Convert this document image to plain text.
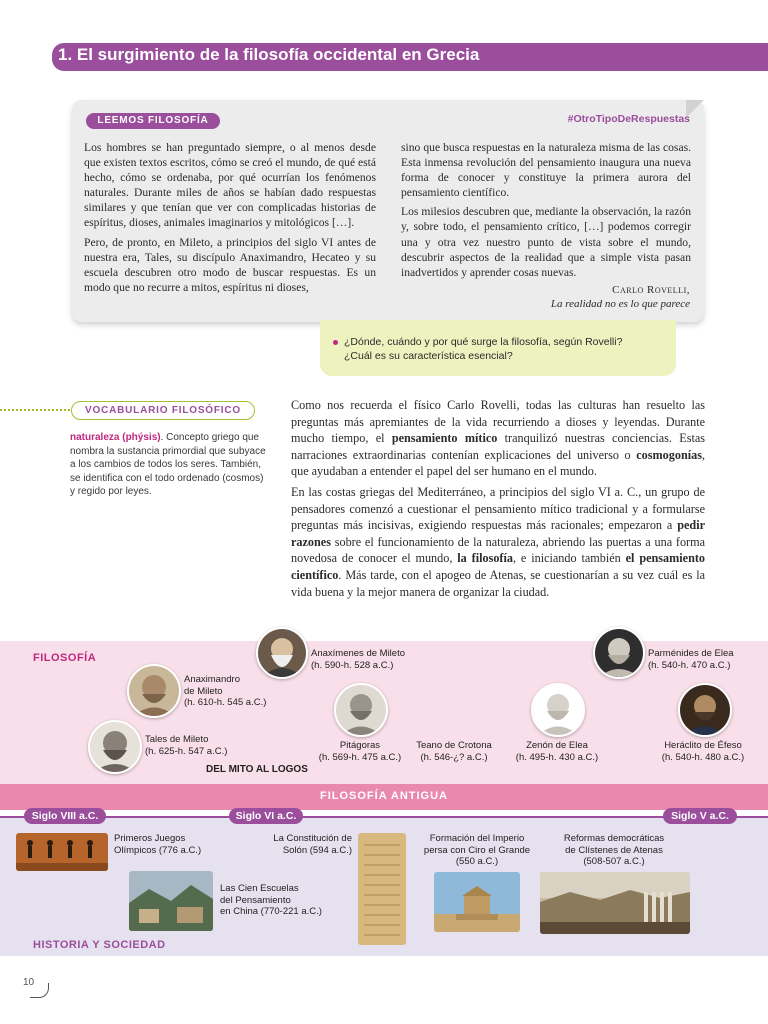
1. El surgimiento de la filosofía occidental en Grecia
LEEMOS FILOSOFÍA	#OtroTipoDeRespuestas

Los hombres se han preguntado siempre, o al menos desde que existen textos escritos, cómo se creó el mundo, de qué está hecho, cómo se ordenaba, por qué ocurrían los fenómenos naturales. Durante miles de años se habían dado respuestas similares y que tenían que ver con complicadas historias de espíritus, dioses, animales imaginarios y mitológicos […].

Pero, de pronto, en Mileto, a principios del siglo VI antes de nuestra era, Tales, su discípulo Anaximandro, Hecateo y su escuela descubren otro modo de buscar respuestas. Es un modo que no recurre a mitos, espíritus ni dioses,

sino que busca respuestas en la naturaleza misma de las cosas. Esta inmensa revolución del pensamiento inaugura una nueva forma de conocer y constituye la primera aurora del pensamiento científico.

Los milesios descubren que, mediante la observación, la razón y, sobre todo, el pensamiento crítico, […] podemos corregir una y otra vez nuestro punto de vista sobre el mundo, descubrir aspectos de la realidad que a simple vista pasan inadvertidos y aprender cosas nuevas.

Carlo Rovelli,
La realidad no es lo que parece
¿Dónde, cuándo y por qué surge la filosofía, según Rovelli?
¿Cuál es su característica esencial?
VOCABULARIO FILOSÓFICO
naturaleza (phýsis). Concepto griego que nombra la sustancia primordial que subyace a los cambios de todos los seres. También, se identifica con el todo ordenado (cosmos) y regido por leyes.

Como nos recuerda el físico Carlo Rovelli, todas las culturas han resuelto las preguntas más apremiantes de la vida recurriendo a dioses y leyendas. Durante mucho tiempo, el pensamiento mítico tranquilizó nuestras conciencias. Estas narraciones extraordinarias contenían explicaciones del universo o cosmogonías, que ayudaban a entender el papel del ser humano en el mundo.

En las costas griegas del Mediterráneo, a principios del siglo VI a. C., un grupo de pensadores comenzó a cuestionar el pensamiento mítico tradicional y a formularse preguntas más incisivas, exigiendo respuestas más racionales; empezaron a pedir razones sobre el funcionamiento de la naturaleza, abriendo las puertas a una forma novedosa de conocer el mundo, la filosofía, e iniciando también el pensamiento científico. Más tarde, con el apogeo de Atenas, se cuestionarían a su vez cuál es la vida buena y la mejor manera de organizar la ciudad.

FILOSOFÍA ANTIGUA
FILOSOFÍA
HISTORIA Y SOCIEDAD
DEL MITO AL LOGOS
Anaxímenes de Mileto
(h. 590-h. 528 a.C.)
Anaximandro
de Mileto
(h. 610-h. 545 a.C.)
Tales de Mileto
(h. 625-h. 547 a.C.)	Pitágoras
(h. 569-h. 475 a.C.)
Teano de Crotona
(h. 546-¿? a.C.)
Zenón de Elea
(h. 495-h. 430 a.C.)
Parménides de Elea
(h. 540-h. 470 a.C.)
Heráclito de Éfeso
(h. 540-h. 480 a.C.)
Siglo VIII a.C.	Siglo VI a.C.	Siglo V a.C.
Primeros Juegos
Olímpicos (776 a.C.)
Las Cien Escuelas
del Pensamiento
en China (770-221 a.C.)
La Constitución de
Solón (594 a.C.)
Formación del Imperio
persa con Ciro el Grande
(550 a.C.)
Reformas democráticas
de Clístenes de Atenas
(508-507 a.C.)
10
